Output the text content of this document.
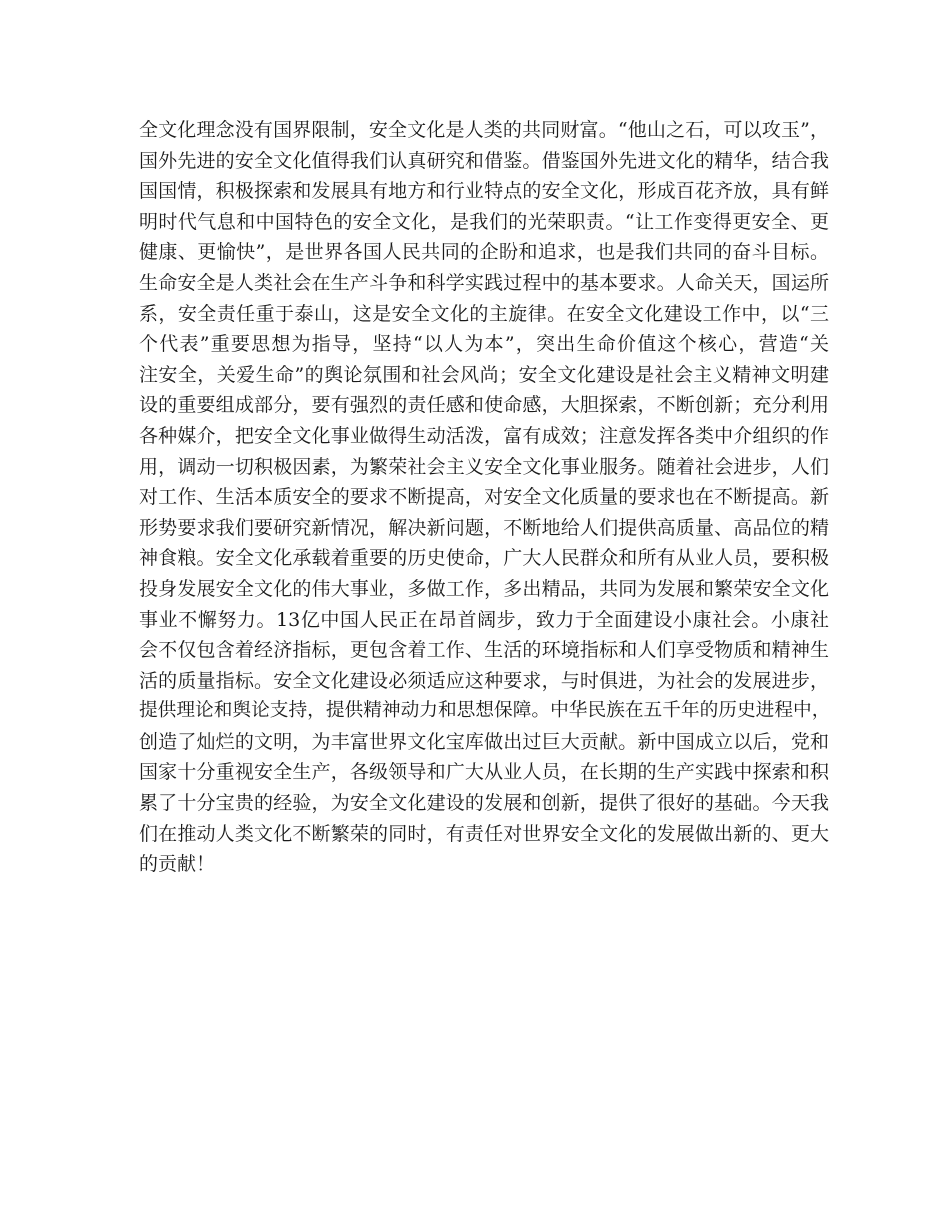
全文化理念没有国界限制，安全文化是人类的共同财富。“他山之石，可以攻玉”，
国外先进的安全文化值得我们认真研究和借鉴。借鉴国外先进文化的精华，结合我
国国情，积极探索和发展具有地方和行业特点的安全文化，形成百花齐放，具有鲜
明时代气息和中国特色的安全文化，是我们的光荣职责。“让工作变得更安全、更
健康、更愉快”，是世界各国人民共同的企盼和追求，也是我们共同的奋斗目标。
生命安全是人类社会在生产斗争和科学实践过程中的基本要求。人命关天，国运所
系，安全责任重于泰山，这是安全文化的主旋律。在安全文化建设工作中，以“三
个代表”重要思想为指导，坚持“以人为本”，突出生命价值这个核心，营造“关
注安全，关爱生命”的舆论氛围和社会风尚；安全文化建设是社会主义精神文明建
设的重要组成部分，要有强烈的责任感和使命感，大胆探索，不断创新；充分利用
各种媒介，把安全文化事业做得生动活泼，富有成效；注意发挥各类中介组织的作
用，调动一切积极因素，为繁荣社会主义安全文化事业服务。随着社会进步，人们
对工作、生活本质安全的要求不断提高，对安全文化质量的要求也在不断提高。新
形势要求我们要研究新情况，解决新问题，不断地给人们提供高质量、高品位的精
神食粮。安全文化承载着重要的历史使命，广大人民群众和所有从业人员，要积极
投身发展安全文化的伟大事业，多做工作，多出精品，共同为发展和繁荣安全文化
事业不懈努力。13亿中国人民正在昂首阔步，致力于全面建设小康社会。小康社
会不仅包含着经济指标，更包含着工作、生活的环境指标和人们享受物质和精神生
活的质量指标。安全文化建设必须适应这种要求，与时俱进，为社会的发展进步，
提供理论和舆论支持，提供精神动力和思想保障。中华民族在五千年的历史进程中，
创造了灿烂的文明，为丰富世界文化宝库做出过巨大贡献。新中国成立以后，党和
国家十分重视安全生产，各级领导和广大从业人员，在长期的生产实践中探索和积
累了十分宝贵的经验，为安全文化建设的发展和创新，提供了很好的基础。今天我
们在推动人类文化不断繁荣的同时，有责任对世界安全文化的发展做出新的、更大
的贡献！
